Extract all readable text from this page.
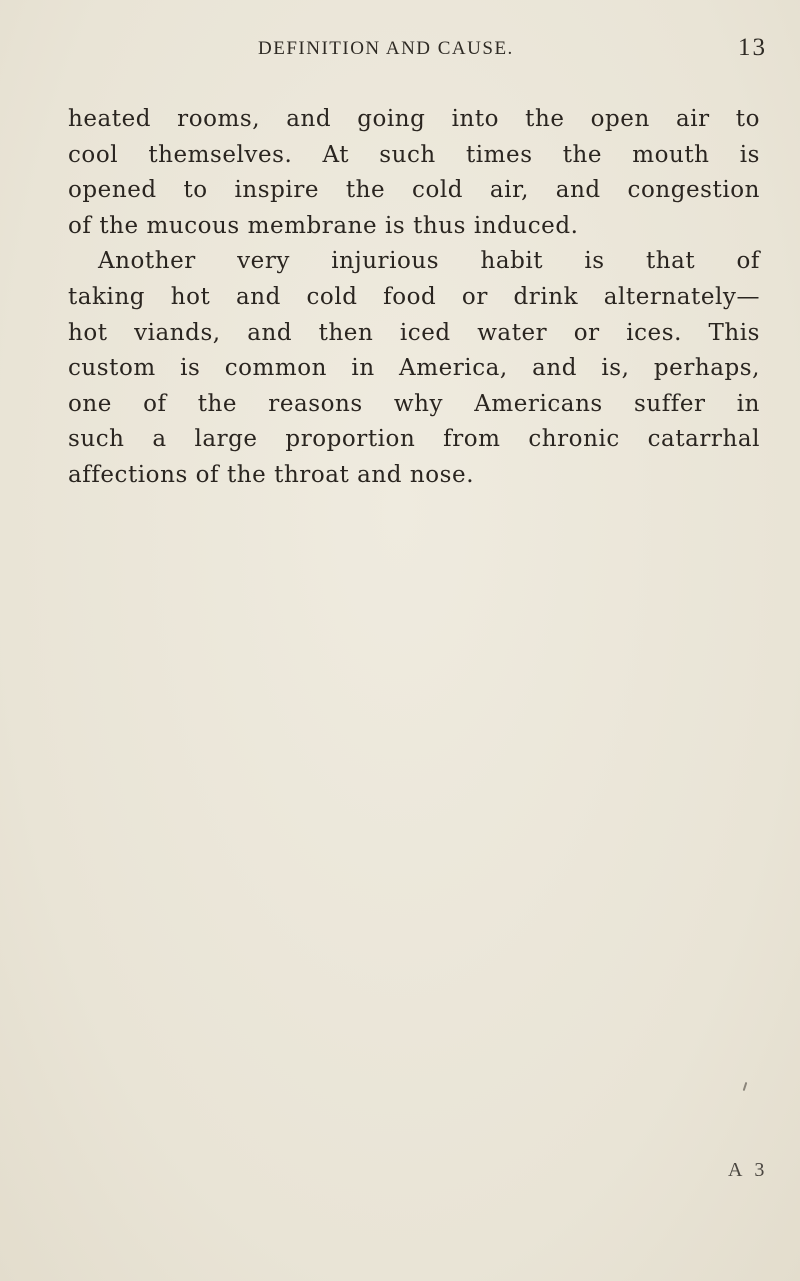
DEFINITION AND CAUSE.	13
heated rooms, and going into the open air to
cool themselves. At such times the mouth is
opened to inspire the cold air, and congestion
of the mucous membrane is thus induced.
Another very injurious habit is that of
taking hot and cold food or drink alternately—
hot viands, and then iced water or ices. This
custom is common in America, and is, perhaps,
one of the reasons why Americans suffer in
such a large proportion from chronic catarrhal
affections of the throat and nose.
A 3
